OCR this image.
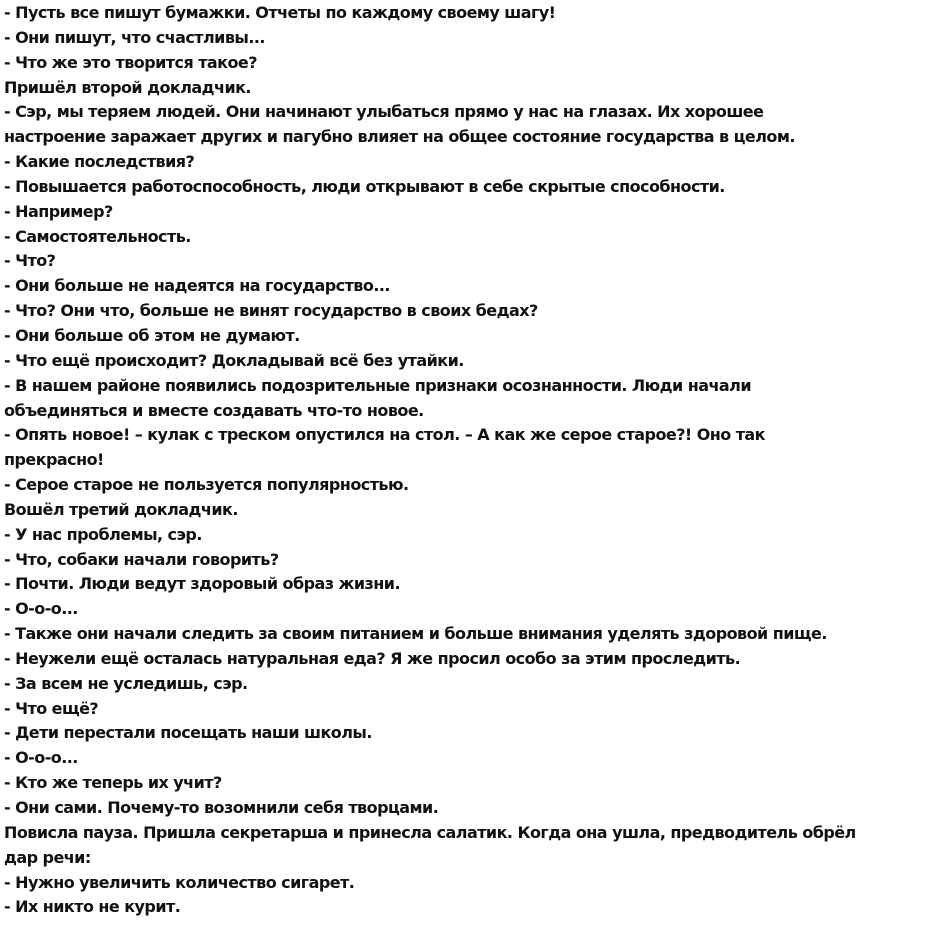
- Пусть все пишут бумажки. Отчеты по каждому своему шагу!
- Они пишут, что счастливы...
- Что же это творится такое?
Пришёл второй докладчик.
- Сэр, мы теряем людей. Они начинают улыбаться прямо у нас на глазах. Их хорошее
настроение заражает других и пагубно влияет на общее состояние государства в целом.
- Какие последствия?
- Повышается работоспособность, люди открывают в себе скрытые способности.
- Например?
- Самостоятельность.
- Что?
- Они больше не надеятся на государство...
- Что? Они что, больше не винят государство в своих бедах?
- Они больше об этом не думают.
- Что ещё происходит? Докладывай всё без утайки.
- В нашем районе появились подозрительные признаки осознанности. Люди начали
объединяться и вместе создавать что-то новое.
- Опять новое! – кулак с треском опустился на стол. – А как же серое старое?! Оно так
прекрасно!
- Серое старое не пользуется популярностью.
Вошёл третий докладчик.
- У нас проблемы, сэр.
- Что, собаки начали говорить?
- Почти. Люди ведут здоровый образ жизни.
- О-о-о...
- Также они начали следить за своим питанием и больше внимания уделять здоровой пище.
- Неужели ещё осталась натуральная еда? Я же просил особо за этим проследить.
- За всем не уследишь, сэр.
- Что ещё?
- Дети перестали посещать наши школы.
- О-о-о...
- Кто же теперь их учит?
- Они сами. Почему-то возомнили себя творцами.
Повисла пауза. Пришла секретарша и принесла салатик. Когда она ушла, предводитель обрёл
дар речи:
- Нужно увеличить количество сигарет.
- Их никто не курит.
